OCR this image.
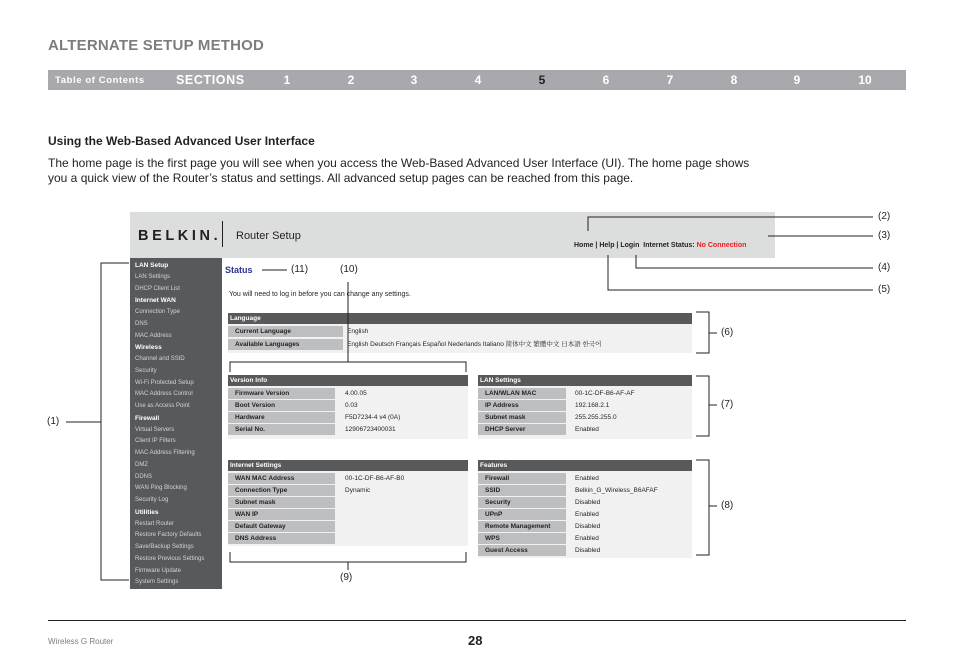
ALTERNATE SETUP METHOD
Table of Contents	SECTIONS	1	2	3	4	5	6	7	8	9	10
Using the Web-Based Advanced User Interface
The home page is the first page you will see when you access the Web-Based Advanced User Interface (UI). The home page shows you a quick view of the Router’s status and settings. All advanced setup pages can be reached from this page.
BELKIN. Router Setup
Home | Help | Login Internet Status: No Connection
LAN Setup
LAN Settings
DHCP Client List
Internet WAN
Connection Type
DNS
MAC Address
Wireless
Channel and SSID
Security
Wi-Fi Protected Setup
MAC Address Control
Use as Access Point
Firewall
Virtual Servers
Client IP Filters
MAC Address Filtering
DMZ
DDNS
WAN Ping Blocking
Security Log
Utilities
Restart Router
Restore Factory Defaults
Save/Backup Settings
Restore Previous Settings
Firmware Update
System Settings
Status
You will need to log in before you can change any settings.
Language
Current Language	English
Available Languages	English Deutsch Français Español Nederlands Italiano 简体中文 繁體中文 日本語 한국어
Version Info
Firmware Version	4.00.05
Boot Version	0.03
Hardware	F5D7234-4 v4 (0A)
Serial No.	12906723400031
LAN Settings
LAN/WLAN MAC	00-1C-DF-B6-AF-AF
IP Address	192.168.2.1
Subnet mask	255.255.255.0
DHCP Server	Enabled
Internet Settings
WAN MAC Address	00-1C-DF-B6-AF-B0
Connection Type	Dynamic
Subnet mask
WAN IP
Default Gateway
DNS Address
Features
Firewall	Enabled
SSID	Belkin_G_Wireless_B6AFAF
Security	Disabled
UPnP	Enabled
Remote Management	Disabled
WPS	Enabled
Guest Access	Disabled
(1)
(2)
(3)
(4)
(5)
(6)
(7)
(8)
(9)
(10)
(11)
Wireless G Router	28
